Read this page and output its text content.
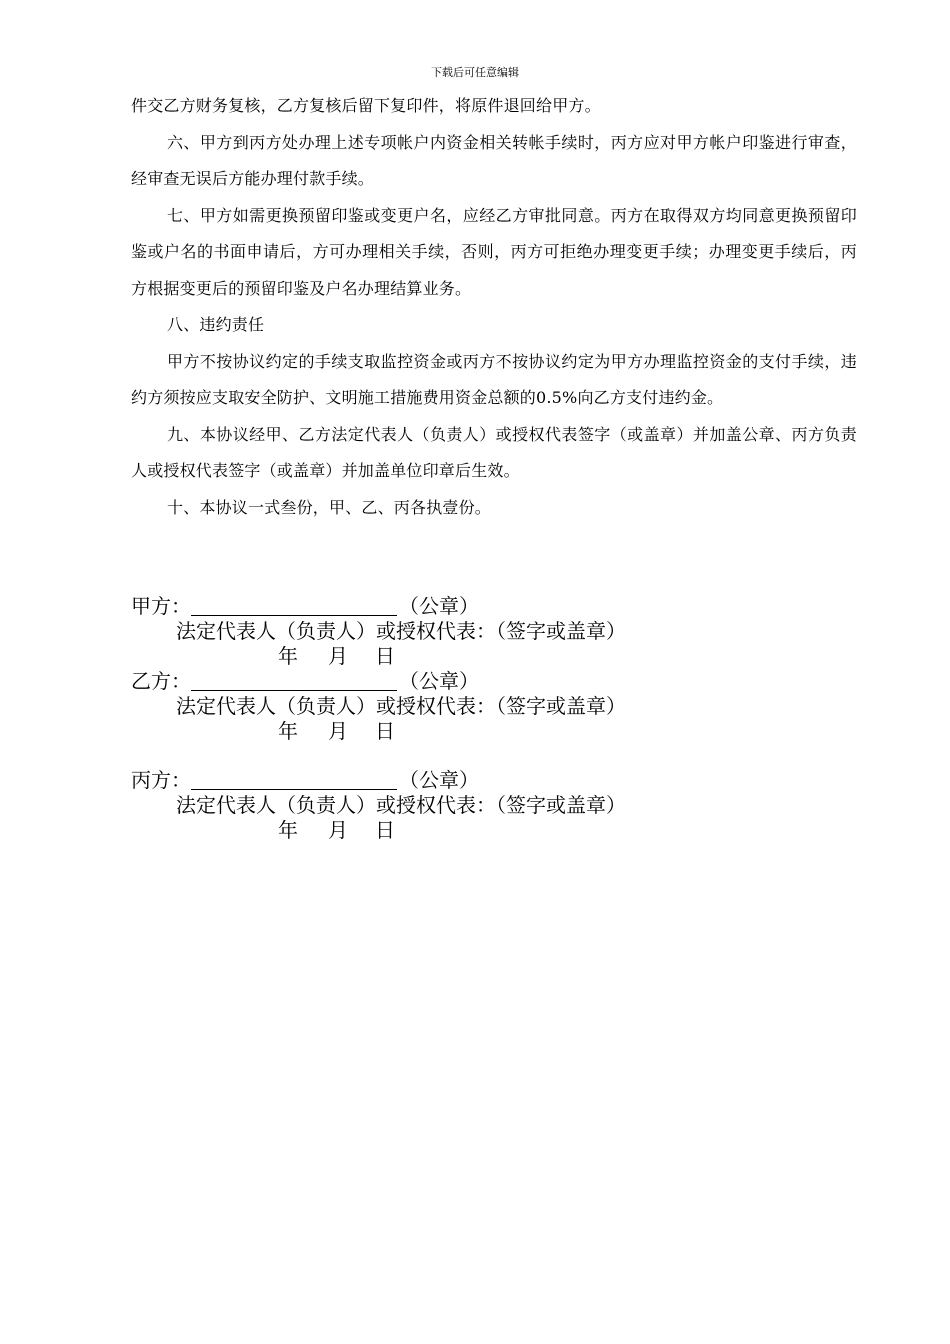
下载后可任意编辑

件交乙方财务复核，乙方复核后留下复印件，将原件退回给甲方。

六、甲方到丙方处办理上述专项帐户内资金相关转帐手续时，丙方应对甲方帐户印鉴进行审查，经审查无误后方能办理付款手续。

七、甲方如需更换预留印鉴或变更户名，应经乙方审批同意。丙方在取得双方均同意更换预留印鉴或户名的书面申请后，方可办理相关手续，否则，丙方可拒绝办理变更手续；办理变更手续后，丙方根据变更后的预留印鉴及户名办理结算业务。

八、违约责任

甲方不按协议约定的手续支取监控资金或丙方不按协议约定为甲方办理监控资金的支付手续，违约方须按应支取安全防护、文明施工措施费用资金总额的0.5%向乙方支付违约金。

九、本协议经甲、乙方法定代表人（负责人）或授权代表签字（或盖章）并加盖公章、丙方负责人或授权代表签字（或盖章）并加盖单位印章后生效。

十、本协议一式叁份，甲、乙、丙各执壹份。

甲方：	（公章）
法定代表人（负责人）或授权代表：（签字或盖章）
年 月 日
乙方：	（公章）
法定代表人（负责人）或授权代表：（签字或盖章）
年 月 日
丙方：	（公章）
法定代表人（负责人）或授权代表：（签字或盖章）
年 月 日
